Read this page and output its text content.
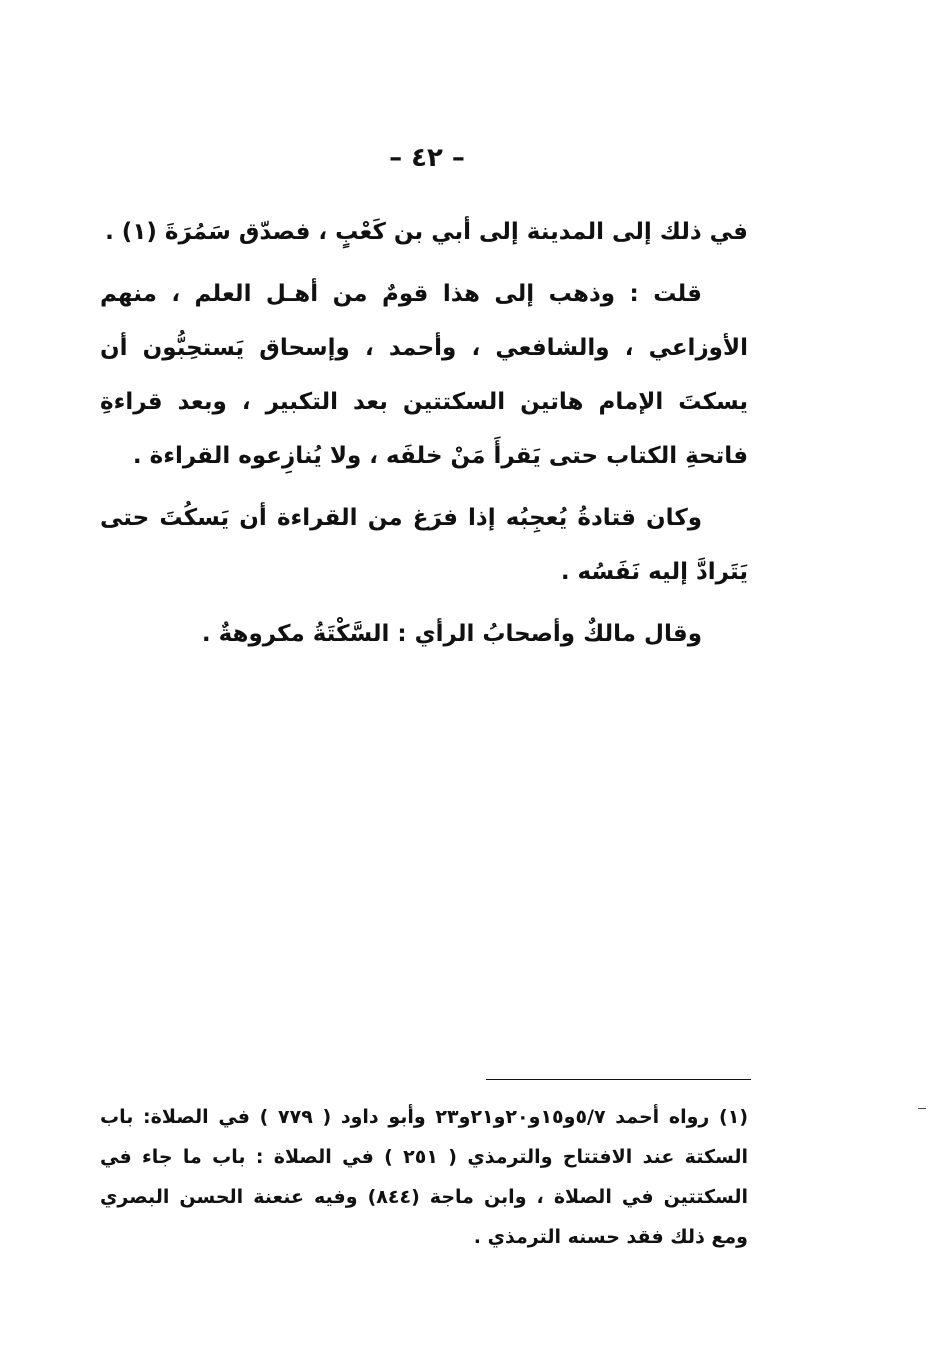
– ٤٢ –

في ذلك إلى المدينة إلى أبي بن كَعْبٍ ، فصدّق سَمُرَةَ (١) .

قلت : وذهب إلى هذا قومٌ من أهـل العلم ، منهم الأوزاعي ، والشافعي ، وأحمد ، وإسحاق يَستحِبُّون أن يسكتَ الإمام هاتين السكتتين بعد التكبير ، وبعد قراءةِ فاتحةِ الكتاب حتى يَقرأَ مَنْ خلفَه ، ولا يُنازِعوه القراءة .

وكان قتادةُ يُعجِبُه إذا فرَغ من القراءة أن يَسكُتَ حتى يَتَرادَّ إليه نَفَسُه .

وقال مالكٌ وأصحابُ الرأي : السَّكْتَةُ مكروهةٌ .

(١) رواه أحمد ٥/٧و١٥و٢٠و٢١و٢٣ وأبو داود ( ٧٧٩ ) في الصلاة: باب السكتة عند الافتتاح والترمذي ( ٢٥١ ) في الصلاة : باب ما جاء في السكتتين في الصلاة ، وابن ماجة (٨٤٤) وفيه عنعنة الحسن البصري ومع ذلك فقد حسنه الترمذي .
